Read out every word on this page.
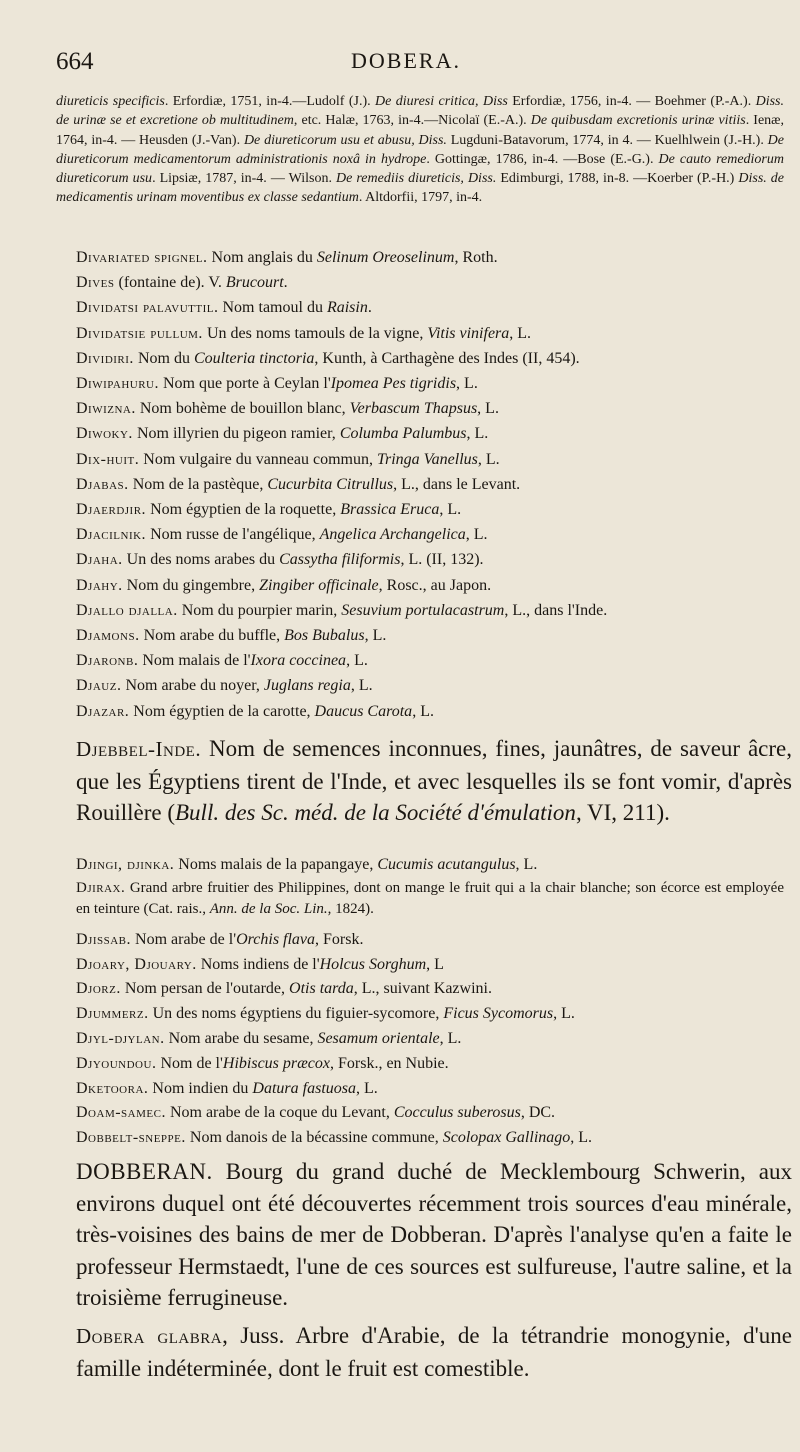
664	DOBERA.

diureticis specificis. Erfordiæ, 1751, in-4.—Ludolf (J.). De diuresi critica, Diss Erfordiæ, 1756, in-4. — Boehmer (P.-A.). Diss. de urinæ se et excretione ob multitudinem, etc. Halæ, 1763, in-4.—Nicolaï (E.-A.). De quibusdam excretionis urinæ vitiis. Ienæ, 1764, in-4. — Heusden (J.-Van). De diureticorum usu et abusu, Diss. Lugduni-Batavorum, 1774, in 4. — Kuelhlwein (J.-H.). De diureticorum medicamentorum administrationis noxâ in hydrope. Gottingæ, 1786, in-4. —Bose (E.-G.). De cauto remediorum diureticorum usu. Lipsiæ, 1787, in-4. — Wilson. De remediis diureticis, Diss. Edimburgi, 1788, in-8. —Koerber (P.-H.) Diss. de medicamentis urinam moventibus ex classe sedantium. Altdorfii, 1797, in-4.

Divariated spignel. Nom anglais du Selinum Oreoselinum, Roth.

Dives (fontaine de). V. Brucourt.

Dividatsi palavuttil. Nom tamoul du Raisin.

Dividatsie pullum. Un des noms tamouls de la vigne, Vitis vinifera, L.

Dividiri. Nom du Coulteria tinctoria, Kunth, à Carthagène des Indes (II, 454).

Diwipahuru. Nom que porte à Ceylan l'Ipomea Pes tigridis, L.

Diwizna. Nom bohème de bouillon blanc, Verbascum Thapsus, L.

Diwoky. Nom illyrien du pigeon ramier, Columba Palumbus, L.

Dix-huit. Nom vulgaire du vanneau commun, Tringa Vanellus, L.

Djabas. Nom de la pastèque, Cucurbita Citrullus, L., dans le Levant.

Djaerdjir. Nom égyptien de la roquette, Brassica Eruca, L.

Djacilnik. Nom russe de l'angélique, Angelica Archangelica, L.

Djaha. Un des noms arabes du Cassytha filiformis, L. (II, 132).

Djahy. Nom du gingembre, Zingiber officinale, Rosc., au Japon.

Djallo djalla. Nom du pourpier marin, Sesuvium portulacastrum, L., dans l'Inde.

Djamons. Nom arabe du buffle, Bos Bubalus, L.

Djaronb. Nom malais de l'Ixora coccinea, L.

Djauz. Nom arabe du noyer, Juglans regia, L.

Djazar. Nom égyptien de la carotte, Daucus Carota, L.

Djebbel-Inde. Nom de semences inconnues, fines, jaunâtres, de saveur âcre, que les Égyptiens tirent de l'Inde, et avec lesquelles ils se font vomir, d'après Rouillère (Bull. des Sc. méd. de la Société d'émulation, VI, 211).

Djingi, djinka. Noms malais de la papangaye, Cucumis acutangulus, L.

Djirax. Grand arbre fruitier des Philippines, dont on mange le fruit qui a la chair blanche; son écorce est employée en teinture (Cat. rais., Ann. de la Soc. Lin., 1824).

Djissab. Nom arabe de l'Orchis flava, Forsk.

Djoary, Djouary. Noms indiens de l'Holcus Sorghum, L

Djorz. Nom persan de l'outarde, Otis tarda, L., suivant Kazwini.

Djummerz. Un des noms égyptiens du figuier-sycomore, Ficus Sycomorus, L.

Djyl-djylan. Nom arabe du sesame, Sesamum orientale, L.

Djyoundou. Nom de l'Hibiscus præcox, Forsk., en Nubie.

Dketoora. Nom indien du Datura fastuosa, L.

Doam-samec. Nom arabe de la coque du Levant, Cocculus suberosus, DC.

Dobbelt-sneppe. Nom danois de la bécassine commune, Scolopax Gallinago, L.

DOBBERAN. Bourg du grand duché de Mecklembourg Schwerin, aux environs duquel ont été découvertes récemment trois sources d'eau minérale, très-voisines des bains de mer de Dobberan. D'après l'analyse qu'en a faite le professeur Hermstaedt, l'une de ces sources est sulfureuse, l'autre saline, et la troisième ferrugineuse.

Dobera glabra, Juss. Arbre d'Arabie, de la tétrandrie monogynie, d'une famille indéterminée, dont le fruit est comestible.
